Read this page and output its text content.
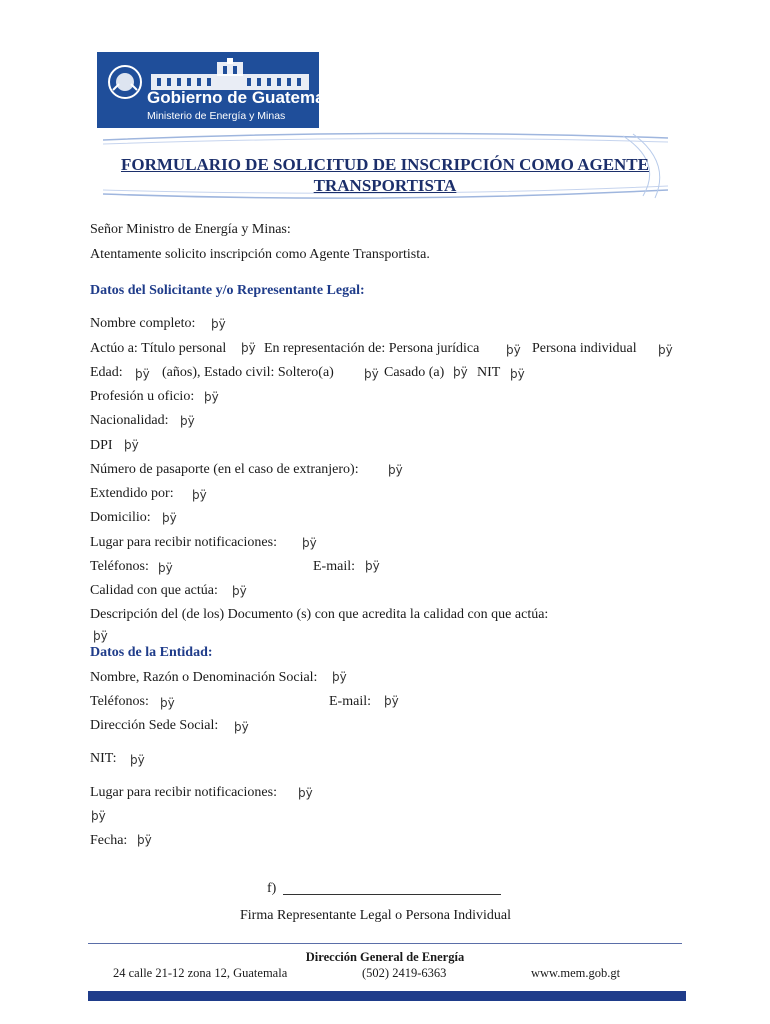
Gobierno de Guatemala
Ministerio de Energía y Minas
FORMULARIO DE SOLICITUD DE INSCRIPCIÓN COMO AGENTE
TRANSPORTISTA
Señor Ministro de Energía y Minas:
Atentamente solicito inscripción como Agente Transportista.
Datos del Solicitante y/o Representante Legal:
Nombre completo: þÿ
Actúo a: Título personal þÿ En representación de: Persona jurídica þÿ Persona individual þÿ
Edad: þÿ (años), Estado civil: Soltero(a)	þÿ Casado (a) þÿ NIT þÿ
Profesión u oficio: þÿ
Nacionalidad: þÿ
DPI þÿ
Número de pasaporte (en el caso de extranjero): þÿ
Extendido por: þÿ
Domicilio: þÿ
Lugar para recibir notificaciones: þÿ
Teléfonos: þÿ	E-mail: þÿ
Calidad con que actúa: þÿ
Descripción del (de los) Documento (s) con que acredita la calidad con que actúa:
þÿ
Datos de la Entidad:
Nombre, Razón o Denominación Social: þÿ
Teléfonos: þÿ	E-mail: þÿ
Dirección Sede Social: þÿ
NIT: þÿ
Lugar para recibir notificaciones: þÿ
þÿ
Fecha: þÿ
f)
Firma Representante Legal o Persona Individual
Dirección General de Energía
24 calle 21-12 zona 12, Guatemala	(502) 2419-6363	www.mem.gob.gt
